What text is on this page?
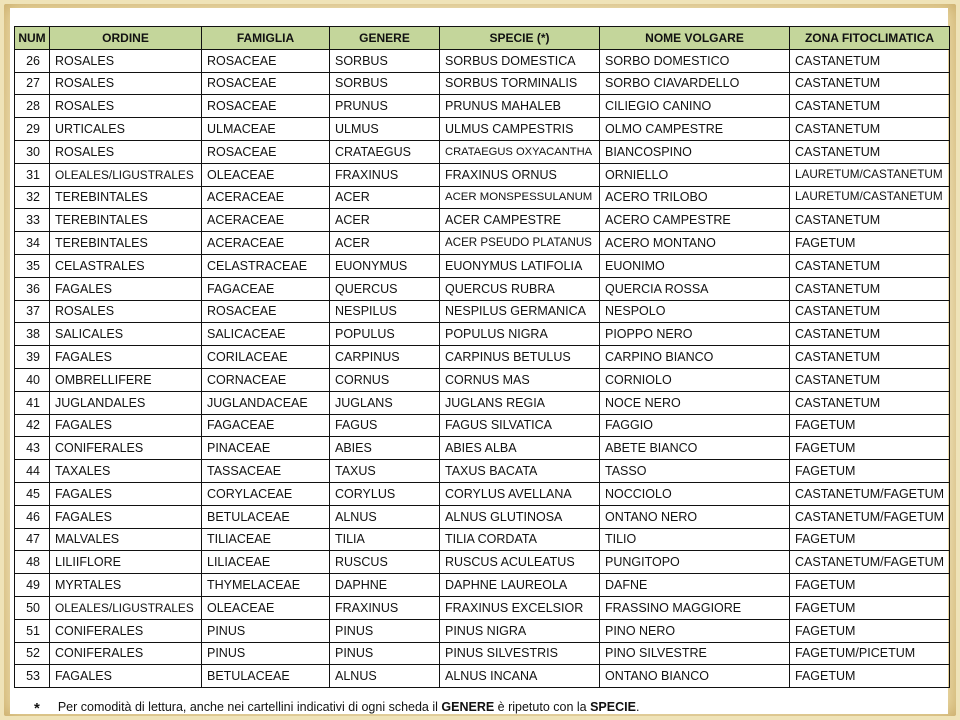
NUM	ORDINE	FAMIGLIA	GENERE	SPECIE (*)	NOME VOLGARE	ZONA FITOCLIMATICA
26	ROSALES	ROSACEAE	SORBUS	SORBUS DOMESTICA	SORBO DOMESTICO	CASTANETUM
27	ROSALES	ROSACEAE	SORBUS	SORBUS TORMINALIS	SORBO CIAVARDELLO	CASTANETUM
28	ROSALES	ROSACEAE	PRUNUS	PRUNUS MAHALEB	CILIEGIO CANINO	CASTANETUM
29	URTICALES	ULMACEAE	ULMUS	ULMUS CAMPESTRIS	OLMO CAMPESTRE	CASTANETUM
30	ROSALES	ROSACEAE	CRATAEGUS	CRATAEGUS OXYACANTHA	BIANCOSPINO	CASTANETUM
31	OLEALES/LIGUSTRALES	OLEACEAE	FRAXINUS	FRAXINUS ORNUS	ORNIELLO	LAURETUM/CASTANETUM
32	TEREBINTALES	ACERACEAE	ACER	ACER MONSPESSULANUM	ACERO TRILOBO	LAURETUM/CASTANETUM
33	TEREBINTALES	ACERACEAE	ACER	ACER CAMPESTRE	ACERO CAMPESTRE	CASTANETUM
34	TEREBINTALES	ACERACEAE	ACER	ACER PSEUDO PLATANUS	ACERO MONTANO	FAGETUM
35	CELASTRALES	CELASTRACEAE	EUONYMUS	EUONYMUS LATIFOLIA	EUONIMO	CASTANETUM
36	FAGALES	FAGACEAE	QUERCUS	QUERCUS RUBRA	QUERCIA ROSSA	CASTANETUM
37	ROSALES	ROSACEAE	NESPILUS	NESPILUS GERMANICA	NESPOLO	CASTANETUM
38	SALICALES	SALICACEAE	POPULUS	POPULUS NIGRA	PIOPPO NERO	CASTANETUM
39	FAGALES	CORILACEAE	CARPINUS	CARPINUS BETULUS	CARPINO BIANCO	CASTANETUM
40	OMBRELLIFERE	CORNACEAE	CORNUS	CORNUS MAS	CORNIOLO	CASTANETUM
41	JUGLANDALES	JUGLANDACEAE	JUGLANS	JUGLANS REGIA	NOCE NERO	CASTANETUM
42	FAGALES	FAGACEAE	FAGUS	FAGUS SILVATICA	FAGGIO	FAGETUM
43	CONIFERALES	PINACEAE	ABIES	ABIES ALBA	ABETE BIANCO	FAGETUM
44	TAXALES	TASSACEAE	TAXUS	TAXUS BACATA	TASSO	FAGETUM
45	FAGALES	CORYLACEAE	CORYLUS	CORYLUS AVELLANA	NOCCIOLO	CASTANETUM/FAGETUM
46	FAGALES	BETULACEAE	ALNUS	ALNUS GLUTINOSA	ONTANO NERO	CASTANETUM/FAGETUM
47	MALVALES	TILIACEAE	TILIA	TILIA CORDATA	TILIO	FAGETUM
48	LILIIFLORE	LILIACEAE	RUSCUS	RUSCUS ACULEATUS	PUNGITOPO	CASTANETUM/FAGETUM
49	MYRTALES	THYMELACEAE	DAPHNE	DAPHNE LAUREOLA	DAFNE	FAGETUM
50	OLEALES/LIGUSTRALES	OLEACEAE	FRAXINUS	FRAXINUS EXCELSIOR	FRASSINO MAGGIORE	FAGETUM
51	CONIFERALES	PINUS	PINUS	PINUS NIGRA	PINO NERO	FAGETUM
52	CONIFERALES	PINUS	PINUS	PINUS SILVESTRIS	PINO SILVESTRE	FAGETUM/PICETUM
53	FAGALES	BETULACEAE	ALNUS	ALNUS INCANA	ONTANO BIANCO	FAGETUM
* Per comodità di lettura, anche nei cartellini indicativi di ogni scheda il GENERE è ripetuto con la SPECIE.
